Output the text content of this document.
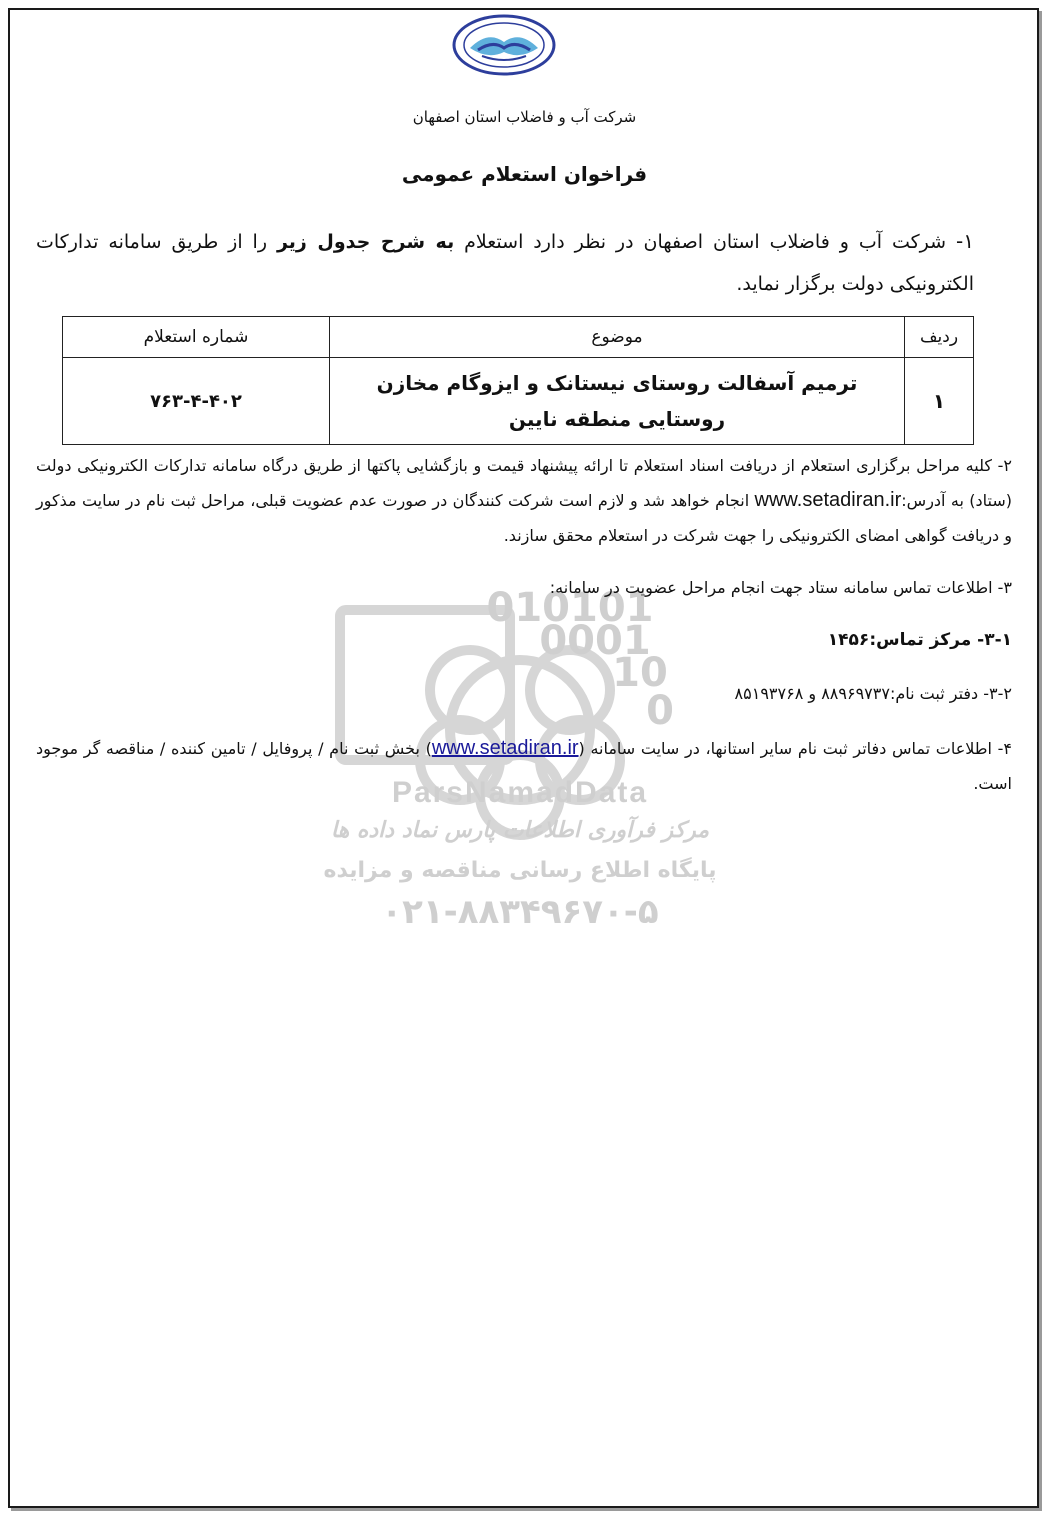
010101
0001
10
0
ParsNamadData
مرکز فرآوری اطلاعات پارس نماد داده ها
پایگاه اطلاع رسانی مناقصه و مزایده
۰۲۱-۸۸۳۴۹۶۷۰-۵
شرکت آب و فاضلاب استان اصفهان
فراخوان استعلام عمومی
۱- شرکت آب و فاضلاب استان اصفهان در نظر دارد استعلام به شرح جدول زیر را از طریق سامانه تدارکات الکترونیکی دولت برگزار نماید.
ردیف	موضوع	شماره استعلام
۱	ترمیم آسفالت روستای نیستانک و ایزوگام مخازن روستایی منطقه نایین	۷۶۳-۴-۴۰۲
۲- کلیه مراحل برگزاری استعلام از دریافت اسناد استعلام تا ارائه پیشنهاد قیمت و بازگشایی پاکتها از طریق درگاه سامانه تدارکات الکترونیکی دولت (ستاد) به آدرس:www.setadiran.ir انجام خواهد شد و لازم است شرکت کنندگان در صورت عدم عضویت قبلی، مراحل ثبت نام در سایت مذکور و دریافت گواهی امضای الکترونیکی را جهت شرکت در استعلام محقق سازند.
۳- اطلاعات تماس سامانه ستاد جهت انجام مراحل عضویت در سامانه:
۳-۱- مرکز تماس:۱۴۵۶
۳-۲- دفتر ثبت نام:۸۸۹۶۹۷۳۷ و ۸۵۱۹۳۷۶۸
۴- اطلاعات تماس دفاتر ثبت نام سایر استانها، در سایت سامانه (www.setadiran.ir) بخش ثبت نام / پروفایل / تامین کننده / مناقصه گر موجود است.
